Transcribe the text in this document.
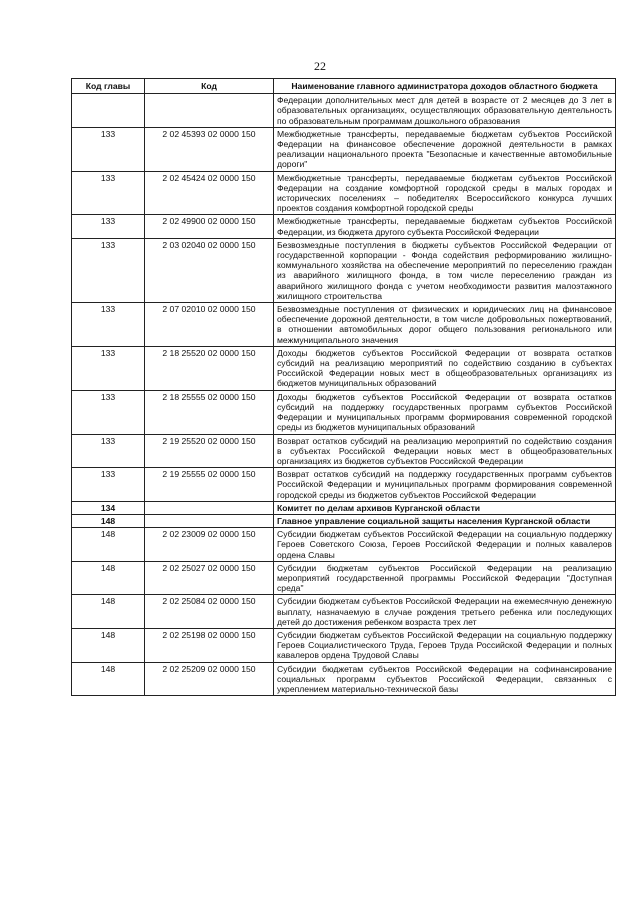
22
Код главы	Код	Наименование главного администратора доходов областного бюджета
		Федерации дополнительных мест для детей в возрасте от 2 месяцев до 3 лет в образовательных организациях, осуществляющих образовательную деятельность по образовательным программам дошкольного образования
133	2 02 45393 02 0000 150	Межбюджетные трансферты, передаваемые бюджетам субъектов Российской Федерации на финансовое обеспечение дорожной деятельности в рамках реализации национального проекта "Безопасные и качественные автомобильные дороги"
133	2 02 45424 02 0000 150	Межбюджетные трансферты, передаваемые бюджетам субъектов Российской Федерации на создание комфортной городской среды в малых городах и исторических поселениях – победителях Всероссийского конкурса лучших проектов создания комфортной городской среды
133	2 02 49900 02 0000 150	Межбюджетные трансферты, передаваемые бюджетам субъектов Российской Федерации, из бюджета другого субъекта Российской Федерации
133	2 03 02040 02 0000 150	Безвозмездные поступления в бюджеты субъектов Российской Федерации от государственной корпорации - Фонда содействия реформированию жилищно-коммунального хозяйства на обеспечение мероприятий по переселению граждан из аварийного жилищного фонда, в том числе переселению граждан из аварийного жилищного фонда с учетом необходимости развития малоэтажного жилищного строительства
133	2 07 02010 02 0000 150	Безвозмездные поступления от физических и юридических лиц на финансовое обеспечение дорожной деятельности, в том числе добровольных пожертвований, в отношении автомобильных дорог общего пользования регионального или межмуниципального значения
133	2 18 25520 02 0000 150	Доходы бюджетов субъектов Российской Федерации от возврата остатков субсидий на реализацию мероприятий по содействию созданию в субъектах Российской Федерации новых мест в общеобразовательных организациях из бюджетов муниципальных образований
133	2 18 25555 02 0000 150	Доходы бюджетов субъектов Российской Федерации от возврата остатков субсидий на поддержку государственных программ субъектов Российской Федерации и муниципальных программ формирования современной городской среды из бюджетов муниципальных образований
133	2 19 25520 02 0000 150	Возврат остатков субсидий на реализацию мероприятий по содействию создания в субъектах Российской Федерации новых мест в общеобразовательных организациях из бюджетов субъектов Российской Федерации
133	2 19 25555 02 0000 150	Возврат остатков субсидий на поддержку государственных программ субъектов Российской Федерации и муниципальных программ формирования современной городской среды из бюджетов субъектов Российской Федерации
134		Комитет по делам архивов Курганской области
148		Главное управление социальной защиты населения Курганской области
148	2 02 23009 02 0000 150	Субсидии бюджетам субъектов Российской Федерации на социальную поддержку Героев Советского Союза, Героев Российской Федерации и полных кавалеров ордена Славы
148	2 02 25027 02 0000 150	Субсидии бюджетам субъектов Российской Федерации на реализацию мероприятий государственной программы Российской Федерации "Доступная среда"
148	2 02 25084 02 0000 150	Субсидии бюджетам субъектов Российской Федерации на ежемесячную денежную выплату, назначаемую в случае рождения третьего ребенка или последующих детей до достижения ребенком возраста трех лет
148	2 02 25198 02 0000 150	Субсидии бюджетам субъектов Российской Федерации на социальную поддержку Героев Социалистического Труда, Героев Труда Российской Федерации и полных кавалеров ордена Трудовой Славы
148	2 02 25209 02 0000 150	Субсидии бюджетам субъектов Российской Федерации на софинансирование социальных программ субъектов Российской Федерации, связанных с укреплением материально-технической базы
